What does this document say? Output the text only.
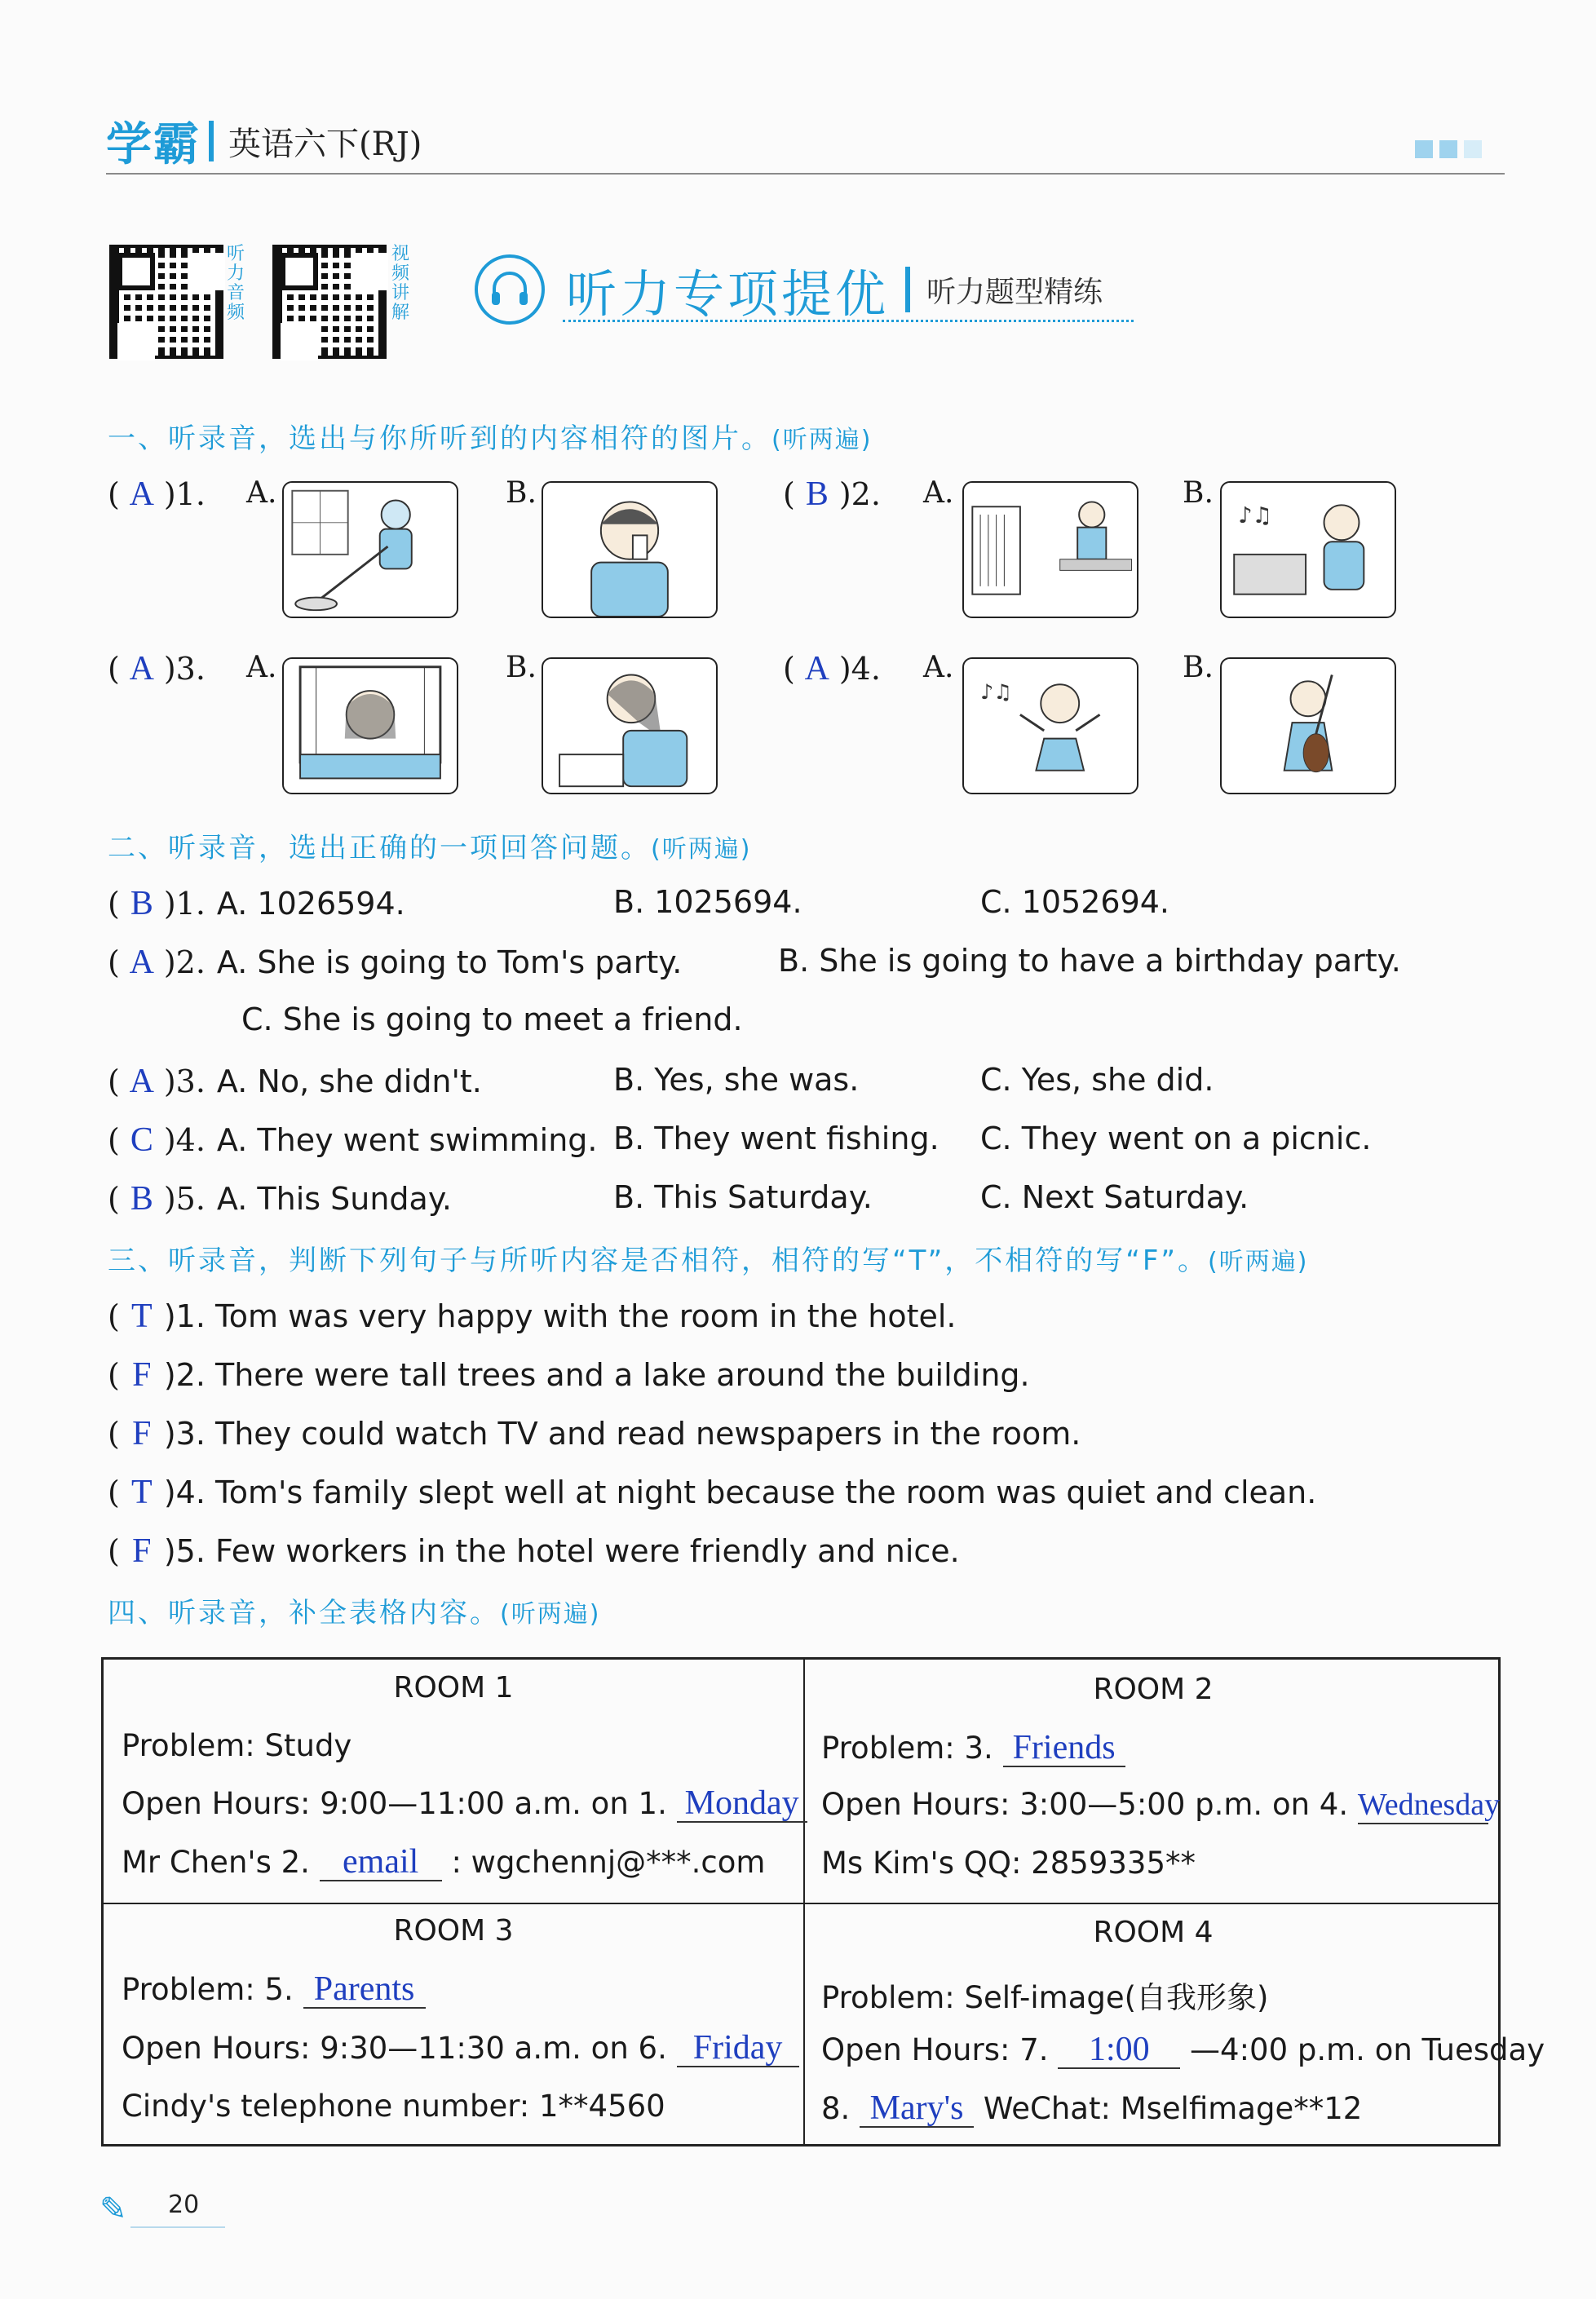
学霸 英语六下(RJ)
听力音频
视频讲解	听力专项提优 听力题型精练
一、听录音，选出与你所听到的内容相符的图片。(听两遍)
( A )1. A.	B.	( B )2. A.	B.
♪♫
( A )3. A.	B.	( A )4. A.
♪♫
B.
二、听录音，选出正确的一项回答问题。(听两遍)
( B )1. A. 1026594.	B. 1025694.	C. 1052694.
( A )2. A. She is going to Tom's party.	B. She is going to have a birthday party.
C. She is going to meet a friend.
( A )3. A. No, she didn't.	B. Yes, she was.	C. Yes, she did.
( C )4. A. They went swimming. B. They went fishing. C. They went on a picnic.
( B )5. A. This Sunday.	B. This Saturday.	C. Next Saturday.
三、听录音，判断下列句子与所听内容是否相符，相符的写“T”，不相符的写“F”。(听两遍)
( T )1. Tom was very happy with the room in the hotel.
( F )2. There were tall trees and a lake around the building.
( F )3. They could watch TV and read newspapers in the room.
( T )4. Tom's family slept well at night because the room was quiet and clean.
( F )5. Few workers in the hotel were friendly and nice.
四、听录音，补全表格内容。(听两遍)
ROOM 1
Problem: Study
Open Hours: 9:00—11:00 a.m. on 1. Monday
Mr Chen's 2. email : wgchennj@***.com
ROOM 2
Problem: 3. Friends
Open Hours: 3:00—5:00 p.m. on 4. Wednesday
Ms Kim's QQ: 2859335**
ROOM 3
Problem: 5. Parents
Open Hours: 9:30—11:30 a.m. on 6. Friday
Cindy's telephone number: 1**4560
ROOM 4
Problem: Self-image(自我形象)
Open Hours: 7. 1:00 —4:00 p.m. on Tuesday
8. Mary's WeChat: Mselfimage**12
✎ 20
